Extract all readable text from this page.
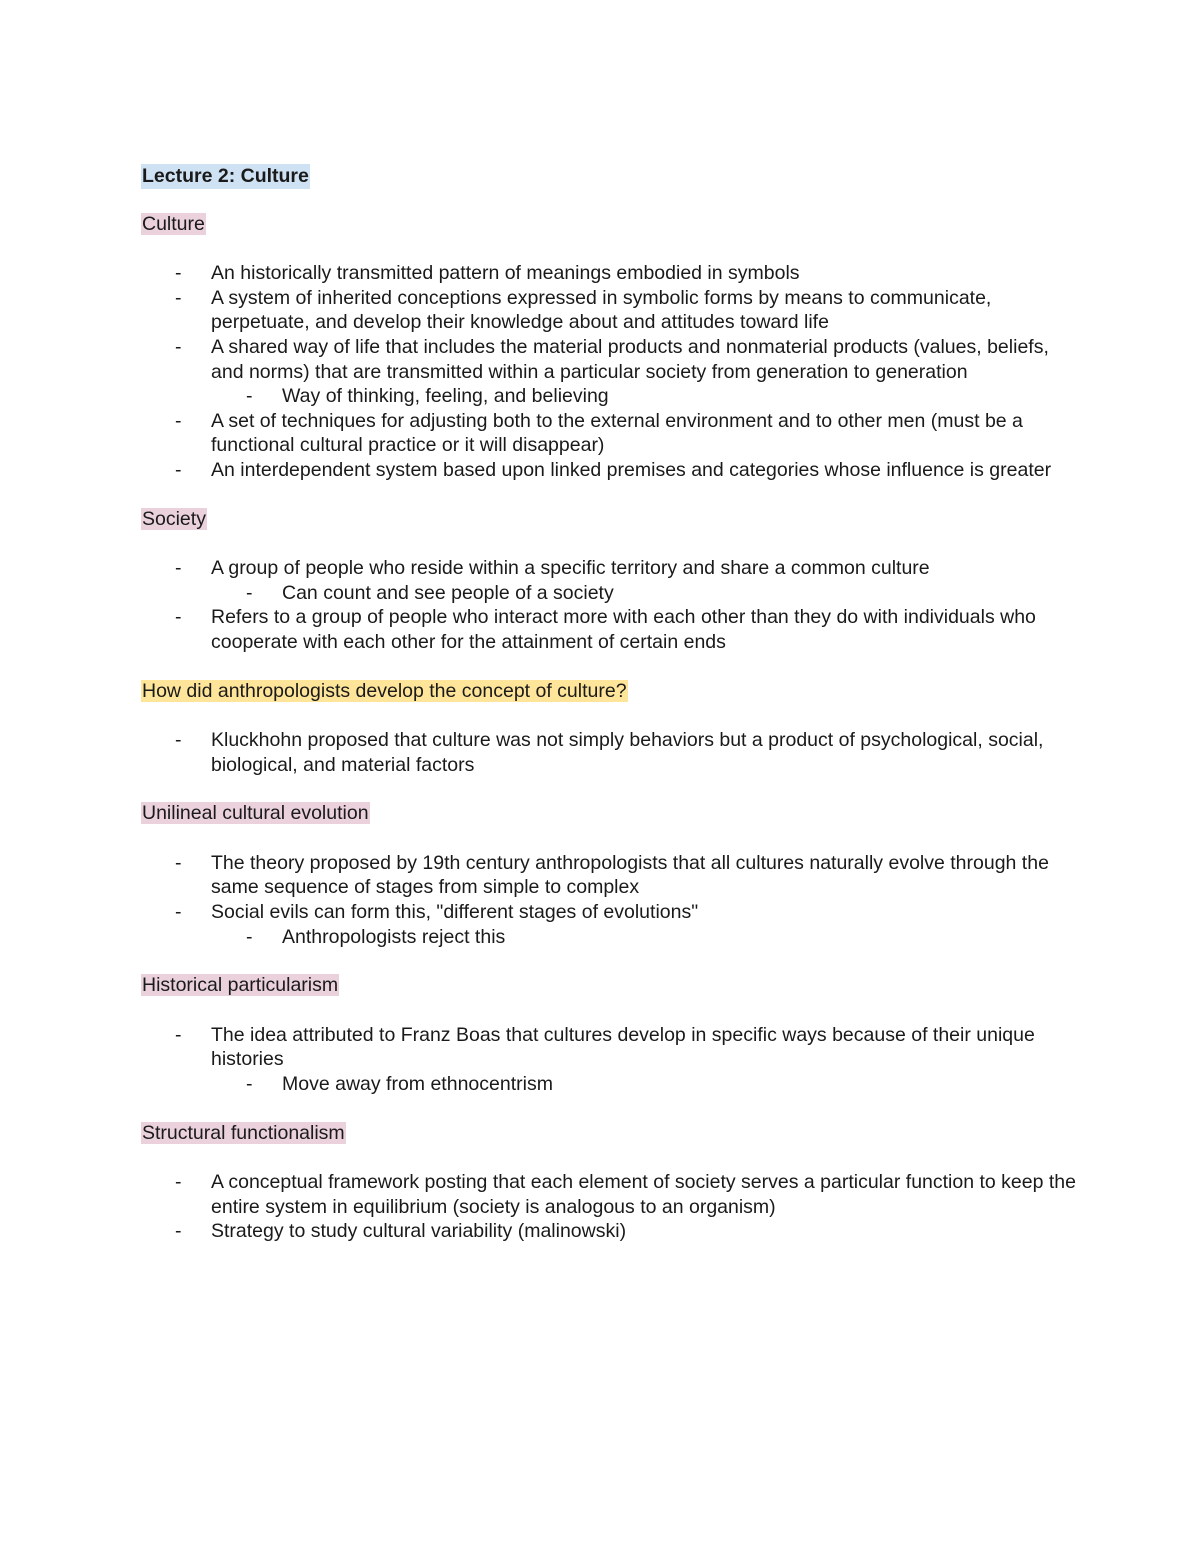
Lecture 2: Culture
Culture
- An historically transmitted pattern of meanings embodied in symbols
- A system of inherited conceptions expressed in symbolic forms by means to communicate, perpetuate, and develop their knowledge about and attitudes toward life
- A shared way of life that includes the material products and nonmaterial products (values, beliefs, and norms) that are transmitted within a particular society from generation to generation
- Way of thinking, feeling, and believing
- A set of techniques for adjusting both to the external environment and to other men (must be a functional cultural practice or it will disappear)
- An interdependent system based upon linked premises and categories whose influence is greater
Society
- A group of people who reside within a specific territory and share a common culture
- Can count and see people of a society
- Refers to a group of people who interact more with each other than they do with individuals who cooperate with each other for the attainment of certain ends
How did anthropologists develop the concept of culture?
- Kluckhohn proposed that culture was not simply behaviors but a product of psychological, social, biological, and material factors
Unilineal cultural evolution
- The theory proposed by 19th century anthropologists that all cultures naturally evolve through the same sequence of stages from simple to complex
- Social evils can form this, "different stages of evolutions"
- Anthropologists reject this
Historical particularism
- The idea attributed to Franz Boas that cultures develop in specific ways because of their unique histories
- Move away from ethnocentrism
Structural functionalism
- A conceptual framework posting that each element of society serves a particular function to keep the entire system in equilibrium (society is analogous to an organism)
- Strategy to study cultural variability (malinowski)
